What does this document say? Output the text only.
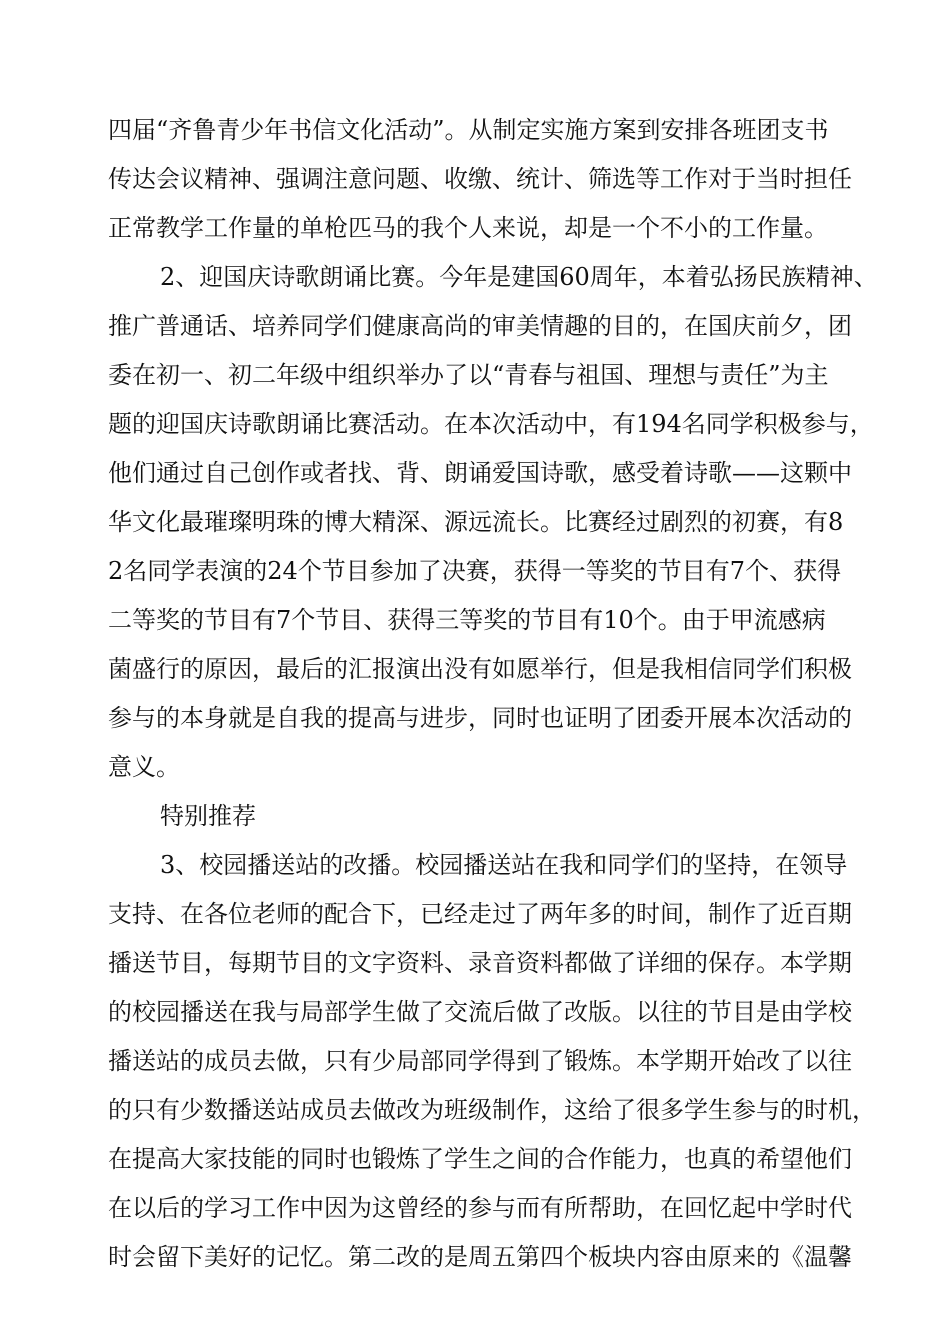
四届“齐鲁青少年书信文化活动”。从制定实施方案到安排各班团支书
传达会议精神、强调注意问题、收缴、统计、筛选等工作对于当时担任
正常教学工作量的单枪匹马的我个人来说，却是一个不小的工作量。
2、迎国庆诗歌朗诵比赛。今年是建国60周年，本着弘扬民族精神、
推广普通话、培养同学们健康高尚的审美情趣的目的，在国庆前夕，团
委在初一、初二年级中组织举办了以“青春与祖国、理想与责任”为主
题的迎国庆诗歌朗诵比赛活动。在本次活动中，有194名同学积极参与，
他们通过自己创作或者找、背、朗诵爱国诗歌，感受着诗歌——这颗中
华文化最璀璨明珠的博大精深、源远流长。比赛经过剧烈的初赛，有8
2名同学表演的24个节目参加了决赛，获得一等奖的节目有7个、获得
二等奖的节目有7个节目、获得三等奖的节目有10个。由于甲流感病
菌盛行的原因，最后的汇报演出没有如愿举行，但是我相信同学们积极
参与的本身就是自我的提高与进步，同时也证明了团委开展本次活动的
意义。
特别推荐
3、校园播送站的改播。校园播送站在我和同学们的坚持，在领导
支持、在各位老师的配合下，已经走过了两年多的时间，制作了近百期
播送节目，每期节目的文字资料、录音资料都做了详细的保存。本学期
的校园播送在我与局部学生做了交流后做了改版。以往的节目是由学校
播送站的成员去做，只有少局部同学得到了锻炼。本学期开始改了以往
的只有少数播送站成员去做改为班级制作，这给了很多学生参与的时机，
在提高大家技能的同时也锻炼了学生之间的合作能力，也真的希望他们
在以后的学习工作中因为这曾经的参与而有所帮助，在回忆起中学时代
时会留下美好的记忆。第二改的是周五第四个板块内容由原来的《温馨
